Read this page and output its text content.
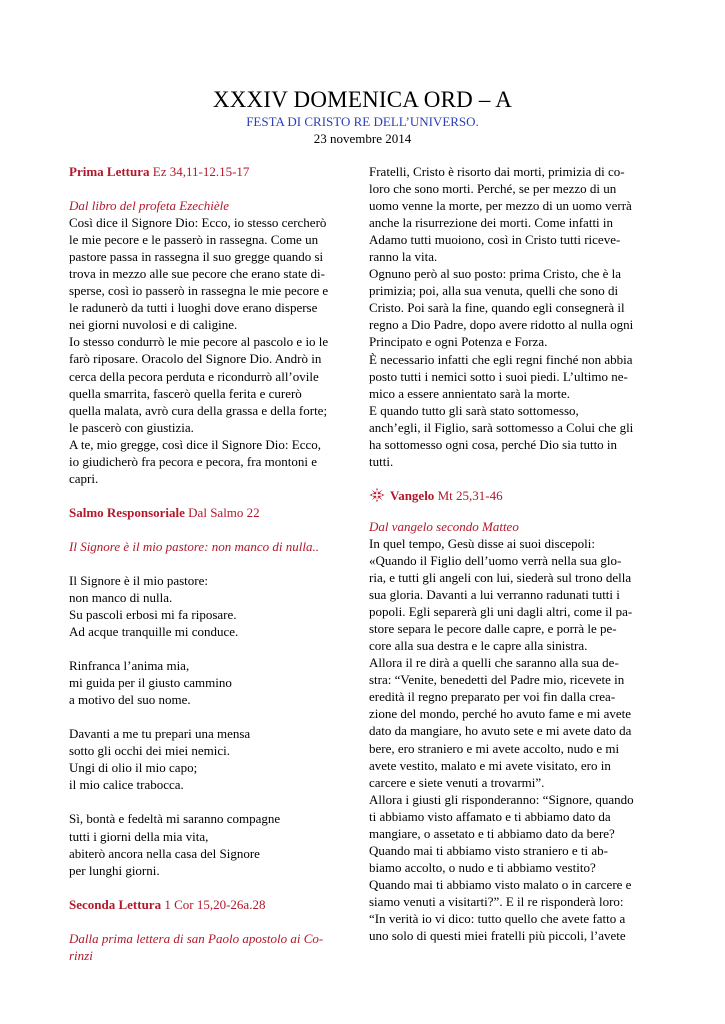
XXXIV DOMENICA ORD – A
FESTA DI CRISTO RE DELL’UNIVERSO.
23 novembre 2014

Prima Lettura Ez 34,11-12.15-17

Dal libro del profeta Ezechièle

Così dice il Signore Dio: Ecco, io stesso cercherò

le mie pecore e le passerò in rassegna. Come un

pastore passa in rassegna il suo gregge quando si

trova in mezzo alle sue pecore che erano state di-

sperse, così io passerò in rassegna le mie pecore e

le radunerò da tutti i luoghi dove erano disperse

nei giorni nuvolosi e di caligine.

Io stesso condurrò le mie pecore al pascolo e io le

farò riposare. Oracolo del Signore Dio. Andrò in

cerca della pecora perduta e ricondurrò all’ovile

quella smarrita, fascerò quella ferita e curerò

quella malata, avrò cura della grassa e della forte;

le pascerò con giustizia.

A te, mio gregge, così dice il Signore Dio: Ecco,

io giudicherò fra pecora e pecora, fra montoni e

capri.

Salmo Responsoriale Dal Salmo 22

Il Signore è il mio pastore: non manco di nulla..

Il Signore è il mio pastore:

non manco di nulla.

Su pascoli erbosi mi fa riposare.

Ad acque tranquille mi conduce.

Rinfranca l’anima mia,

mi guida per il giusto cammino

a motivo del suo nome.

Davanti a me tu prepari una mensa

sotto gli occhi dei miei nemici.

Ungi di olio il mio capo;

il mio calice trabocca.

Sì, bontà e fedeltà mi saranno compagne

tutti i giorni della mia vita,

abiterò ancora nella casa del Signore

per lunghi giorni.

Seconda Lettura 1 Cor 15,20-26a.28

Dalla prima lettera di san Paolo apostolo ai Co-

rinzi

Fratelli, Cristo è risorto dai morti, primizia di co-

loro che sono morti. Perché, se per mezzo di un

uomo venne la morte, per mezzo di un uomo verrà

anche la risurrezione dei morti. Come infatti in

Adamo tutti muoiono, così in Cristo tutti riceve-

ranno la vita.

Ognuno però al suo posto: prima Cristo, che è la

primizia; poi, alla sua venuta, quelli che sono di

Cristo. Poi sarà la fine, quando egli consegnerà il

regno a Dio Padre, dopo avere ridotto al nulla ogni

Principato e ogni Potenza e Forza.

È necessario infatti che egli regni finché non abbia

posto tutti i nemici sotto i suoi piedi. L’ultimo ne-

mico a essere annientato sarà la morte.

E quando tutto gli sarà stato sottomesso,

anch’egli, il Figlio, sarà sottomesso a Colui che gli

ha sottomesso ogni cosa, perché Dio sia tutto in

tutti.

Vangelo Mt 25,31-46

Dal vangelo secondo Matteo

In quel tempo, Gesù disse ai suoi discepoli:

«Quando il Figlio dell’uomo verrà nella sua glo-

ria, e tutti gli angeli con lui, siederà sul trono della

sua gloria. Davanti a lui verranno radunati tutti i

popoli. Egli separerà gli uni dagli altri, come il pa-

store separa le pecore dalle capre, e porrà le pe-

core alla sua destra e le capre alla sinistra.

Allora il re dirà a quelli che saranno alla sua de-

stra: “Venite, benedetti del Padre mio, ricevete in

eredità il regno preparato per voi fin dalla crea-

zione del mondo, perché ho avuto fame e mi avete

dato da mangiare, ho avuto sete e mi avete dato da

bere, ero straniero e mi avete accolto, nudo e mi

avete vestito, malato e mi avete visitato, ero in

carcere e siete venuti a trovarmi”.

Allora i giusti gli risponderanno: “Signore, quando

ti abbiamo visto affamato e ti abbiamo dato da

mangiare, o assetato e ti abbiamo dato da bere?

Quando mai ti abbiamo visto straniero e ti ab-

biamo accolto, o nudo e ti abbiamo vestito?

Quando mai ti abbiamo visto malato o in carcere e

siamo venuti a visitarti?”. E il re risponderà loro:

“In verità io vi dico: tutto quello che avete fatto a

uno solo di questi miei fratelli più piccoli, l’avete
